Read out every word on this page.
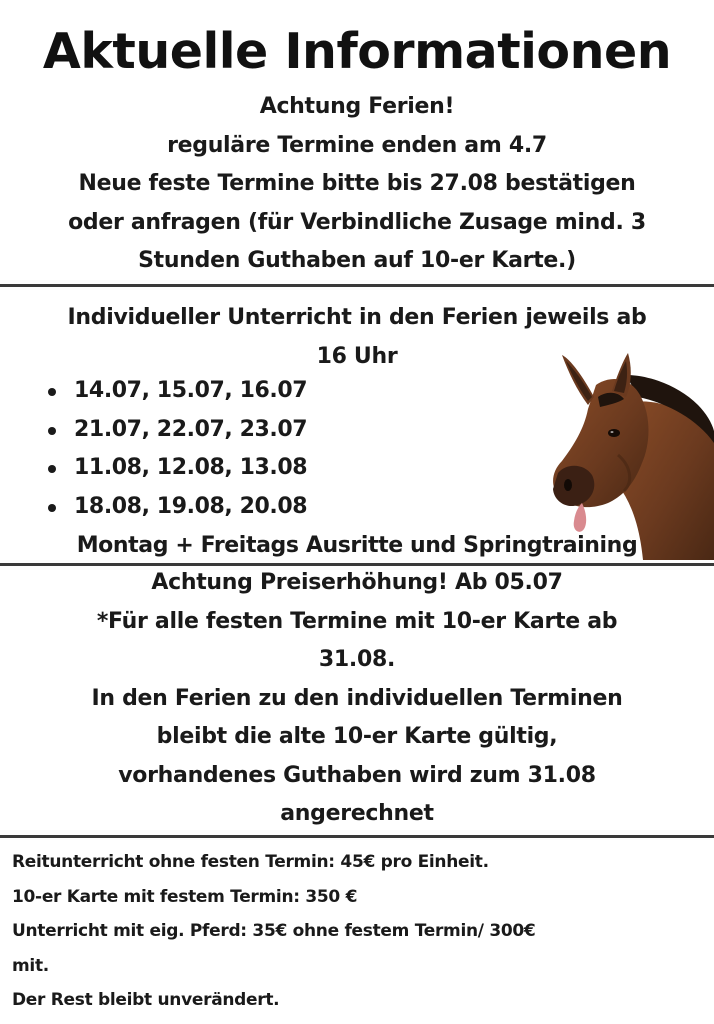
Aktuelle Informationen
Achtung Ferien!
reguläre Termine enden am 4.7
Neue feste Termine bitte bis 27.08 bestätigen
oder anfragen (für Verbindliche Zusage mind. 3
Stunden Guthaben auf 10-er Karte.)
Individueller Unterricht in den Ferien jeweils ab
16 Uhr
14.07, 15.07, 16.07
21.07, 22.07, 23.07
11.08, 12.08, 13.08
18.08, 19.08, 20.08
Montag + Freitags Ausritte und Springtraining
Achtung Preiserhöhung! Ab 05.07
*Für alle festen Termine mit 10-er Karte ab
31.08.
In den Ferien zu den individuellen Terminen
bleibt die alte 10-er Karte gültig,
vorhandenes Guthaben wird zum 31.08
angerechnet
Reitunterricht ohne festen Termin: 45€ pro Einheit.
10-er Karte mit festem Termin: 350 €
Unterricht mit eig. Pferd: 35€ ohne festem Termin/ 300€
mit.
Der Rest bleibt unverändert.
